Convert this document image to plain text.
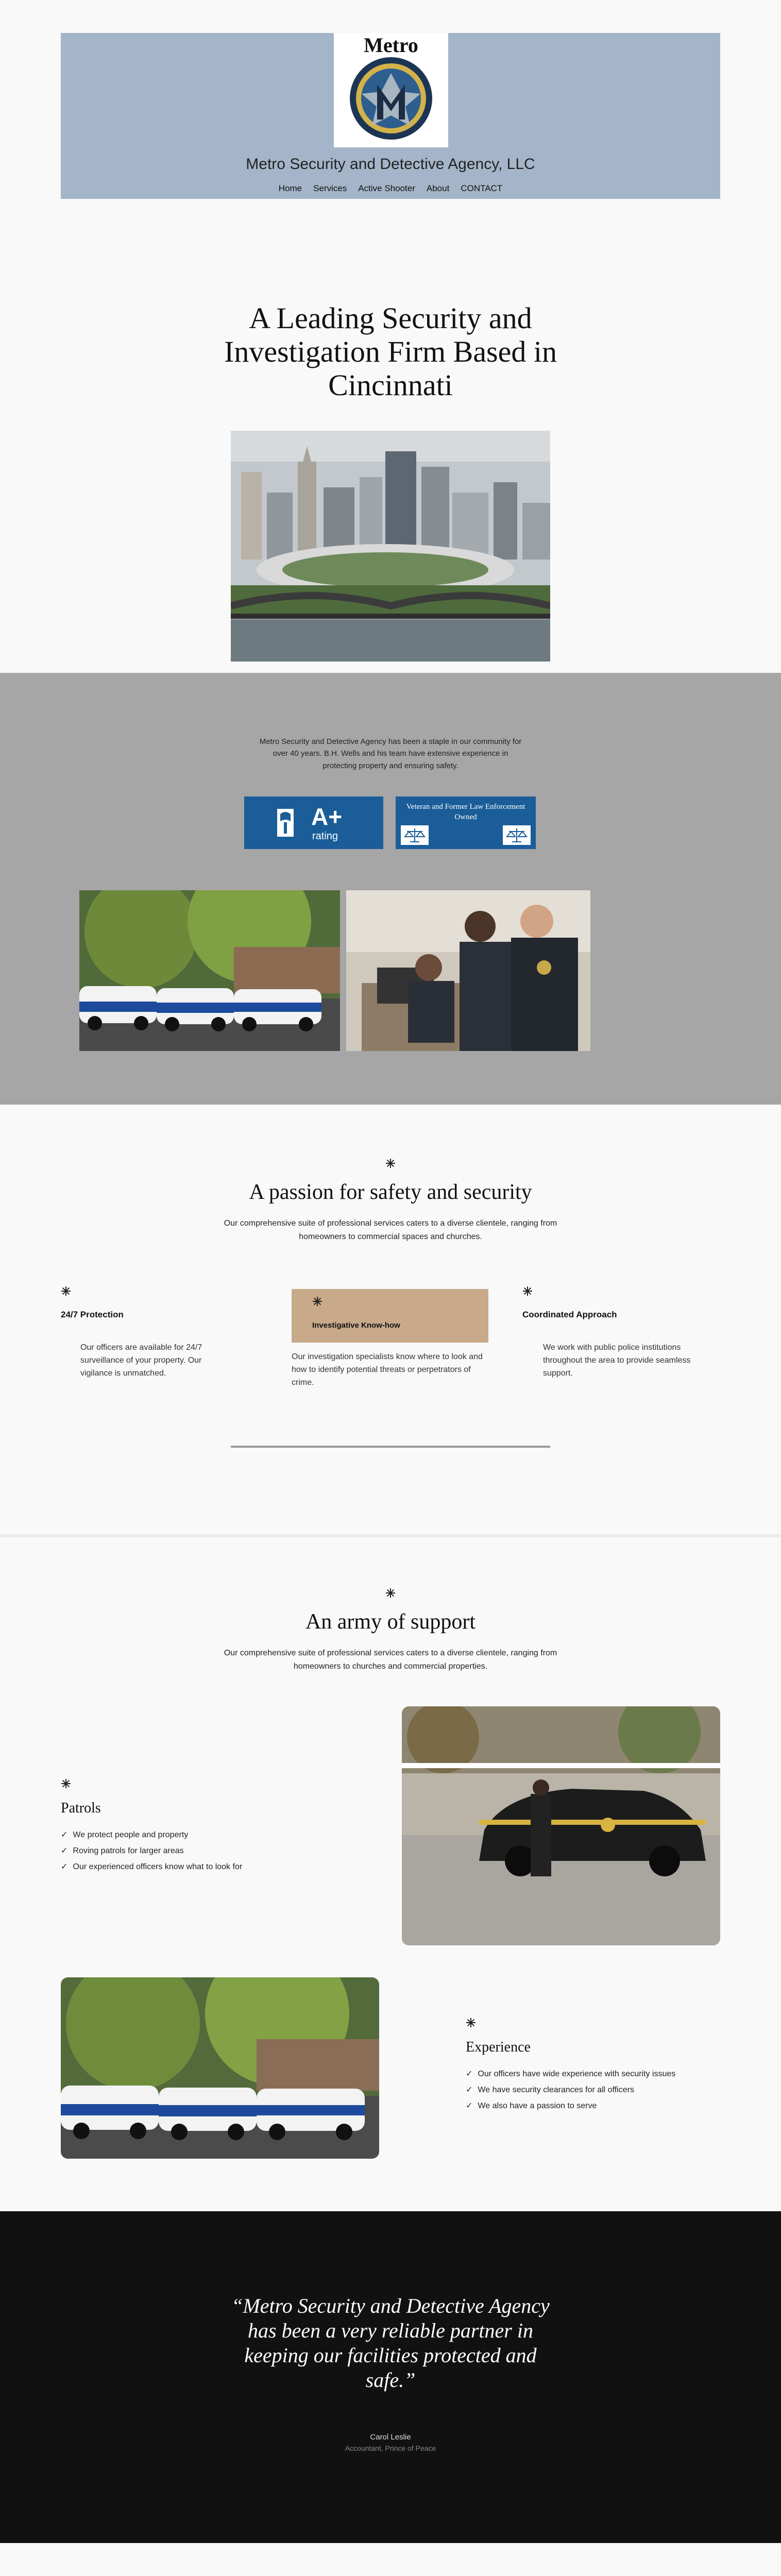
Metro
Metro Security and Detective Agency, LLC
Home Services Active Shooter About CONTACT
A Leading Security and Investigation Firm Based in Cincinnati

Metro Security and Detective Agency has been a staple in our community for over 40 years. B.H. Wells and his team have extensive experience in protecting property and ensuring safety.

A+
rating
Veteran and Former Law Enforcement Owned
A passion for safety and security

Our comprehensive suite of professional services caters to a diverse clientele, ranging from homeowners to commercial spaces and churches.

24/7 Protection

Our officers are available for 24/7 surveillance of your property. Our vigilance is unmatched.

Investigative Know-how

Our investigation specialists know where to look and how to identify potential threats or perpetrators of crime.

Coordinated Approach

We work with public police institutions throughout the area to provide seamless support.

An army of support

Our comprehensive suite of professional services caters to a diverse clientele, ranging from homeowners to churches and commercial properties.

Patrols
✓ We protect people and property
✓ Roving patrols for larger areas
✓ Our experienced officers know what to look for
Experience
✓ Our officers have wide experience with security issues
✓ We have security clearances for all officers
✓ We also have a passion to serve
“Metro Security and Detective Agency has been a very reliable partner in keeping our facilities protected and safe.”
Carol Leslie
Accountant, Prince of Peace
